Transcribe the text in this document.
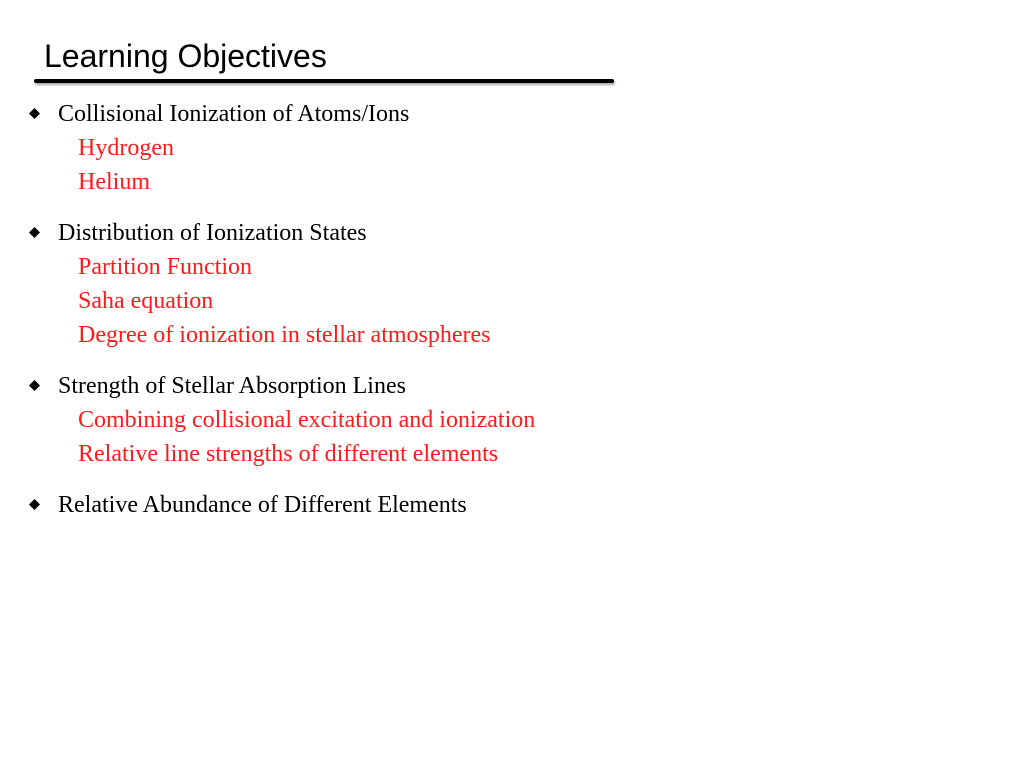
Learning Objectives
Collisional Ionization of Atoms/Ions
Hydrogen
Helium
Distribution of Ionization States
Partition Function
Saha equation
Degree of ionization in stellar atmospheres
Strength of Stellar Absorption Lines
Combining collisional excitation and ionization
Relative line strengths of different elements
Relative Abundance of Different Elements
